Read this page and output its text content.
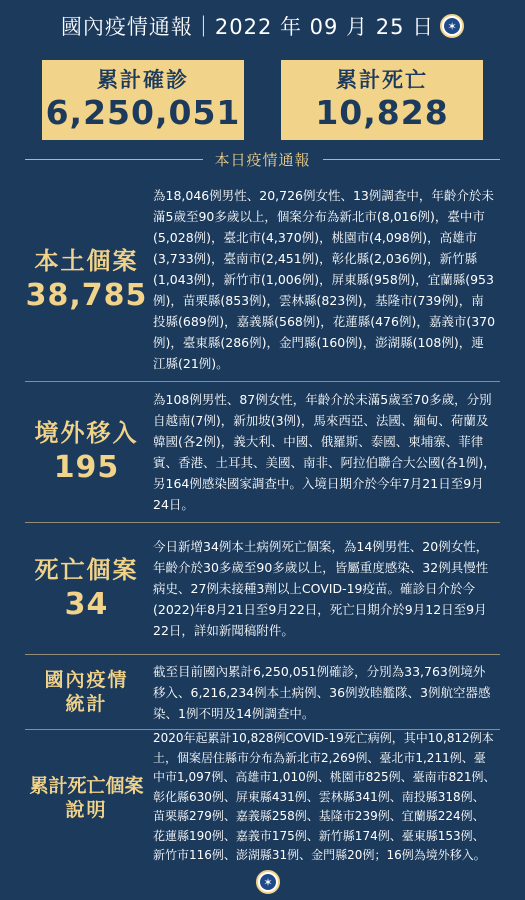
國內疫情通報｜2022 年 09 月 25 日	✶
累計確診
6,250,051
累計死亡
10,828
本日疫情通報
本土個案
38,785
為18,046例男性、20,726例女性、13例調查中，年齡介於未滿5歲至90多歲以上，個案分布為新北市(8,016例)，臺中市(5,028例)，臺北市(4,370例)，桃園市(4,098例)，高雄市(3,733例)，臺南市(2,451例)，彰化縣(2,036例)，新竹縣(1,043例)，新竹市(1,006例)，屏東縣(958例)，宜蘭縣(953例)，苗栗縣(853例)，雲林縣(823例)，基隆市(739例)，南投縣(689例)，嘉義縣(568例)，花蓮縣(476例)，嘉義市(370例)，臺東縣(286例)，金門縣(160例)，澎湖縣(108例)，連江縣(21例)。
境外移入
195
為108例男性、87例女性，年齡介於未滿5歲至70多歲，分別自越南(7例)，新加坡(3例)，馬來西亞、法國、緬甸、荷蘭及韓國(各2例)，義大利、中國、俄羅斯、泰國、柬埔寨、菲律賓、香港、土耳其、美國、南非、阿拉伯聯合大公國(各1例)，另164例感染國家調查中。入境日期介於今年7月21日至9月24日。
死亡個案
34
今日新增34例本土病例死亡個案，為14例男性、20例女性，年齡介於30多歲至90多歲以上，皆屬重度感染、32例具慢性病史、27例未接種3劑以上COVID-19疫苗。確診日介於今(2022)年8月21日至9月22日，死亡日期介於9月12日至9月22日，詳如新聞稿附件。
國內疫情
統計
截至目前國內累計6,250,051例確診，分別為33,763例境外移入、6,216,234例本土病例、36例敦睦艦隊、3例航空器感染、1例不明及14例調查中。
累計死亡個案
說明
2020年起累計10,828例COVID-19死亡病例，其中10,812例本土，個案居住縣市分布為新北市2,269例、臺北市1,211例、臺中市1,097例、高雄市1,010例、桃園市825例、臺南市821例、彰化縣630例、屏東縣431例、雲林縣341例、南投縣318例、苗栗縣279例、嘉義縣258例、基隆市239例、宜蘭縣224例、花蓮縣190例、嘉義市175例、新竹縣174例、臺東縣153例、新竹市116例、澎湖縣31例、金門縣20例；16例為境外移入。
✶
